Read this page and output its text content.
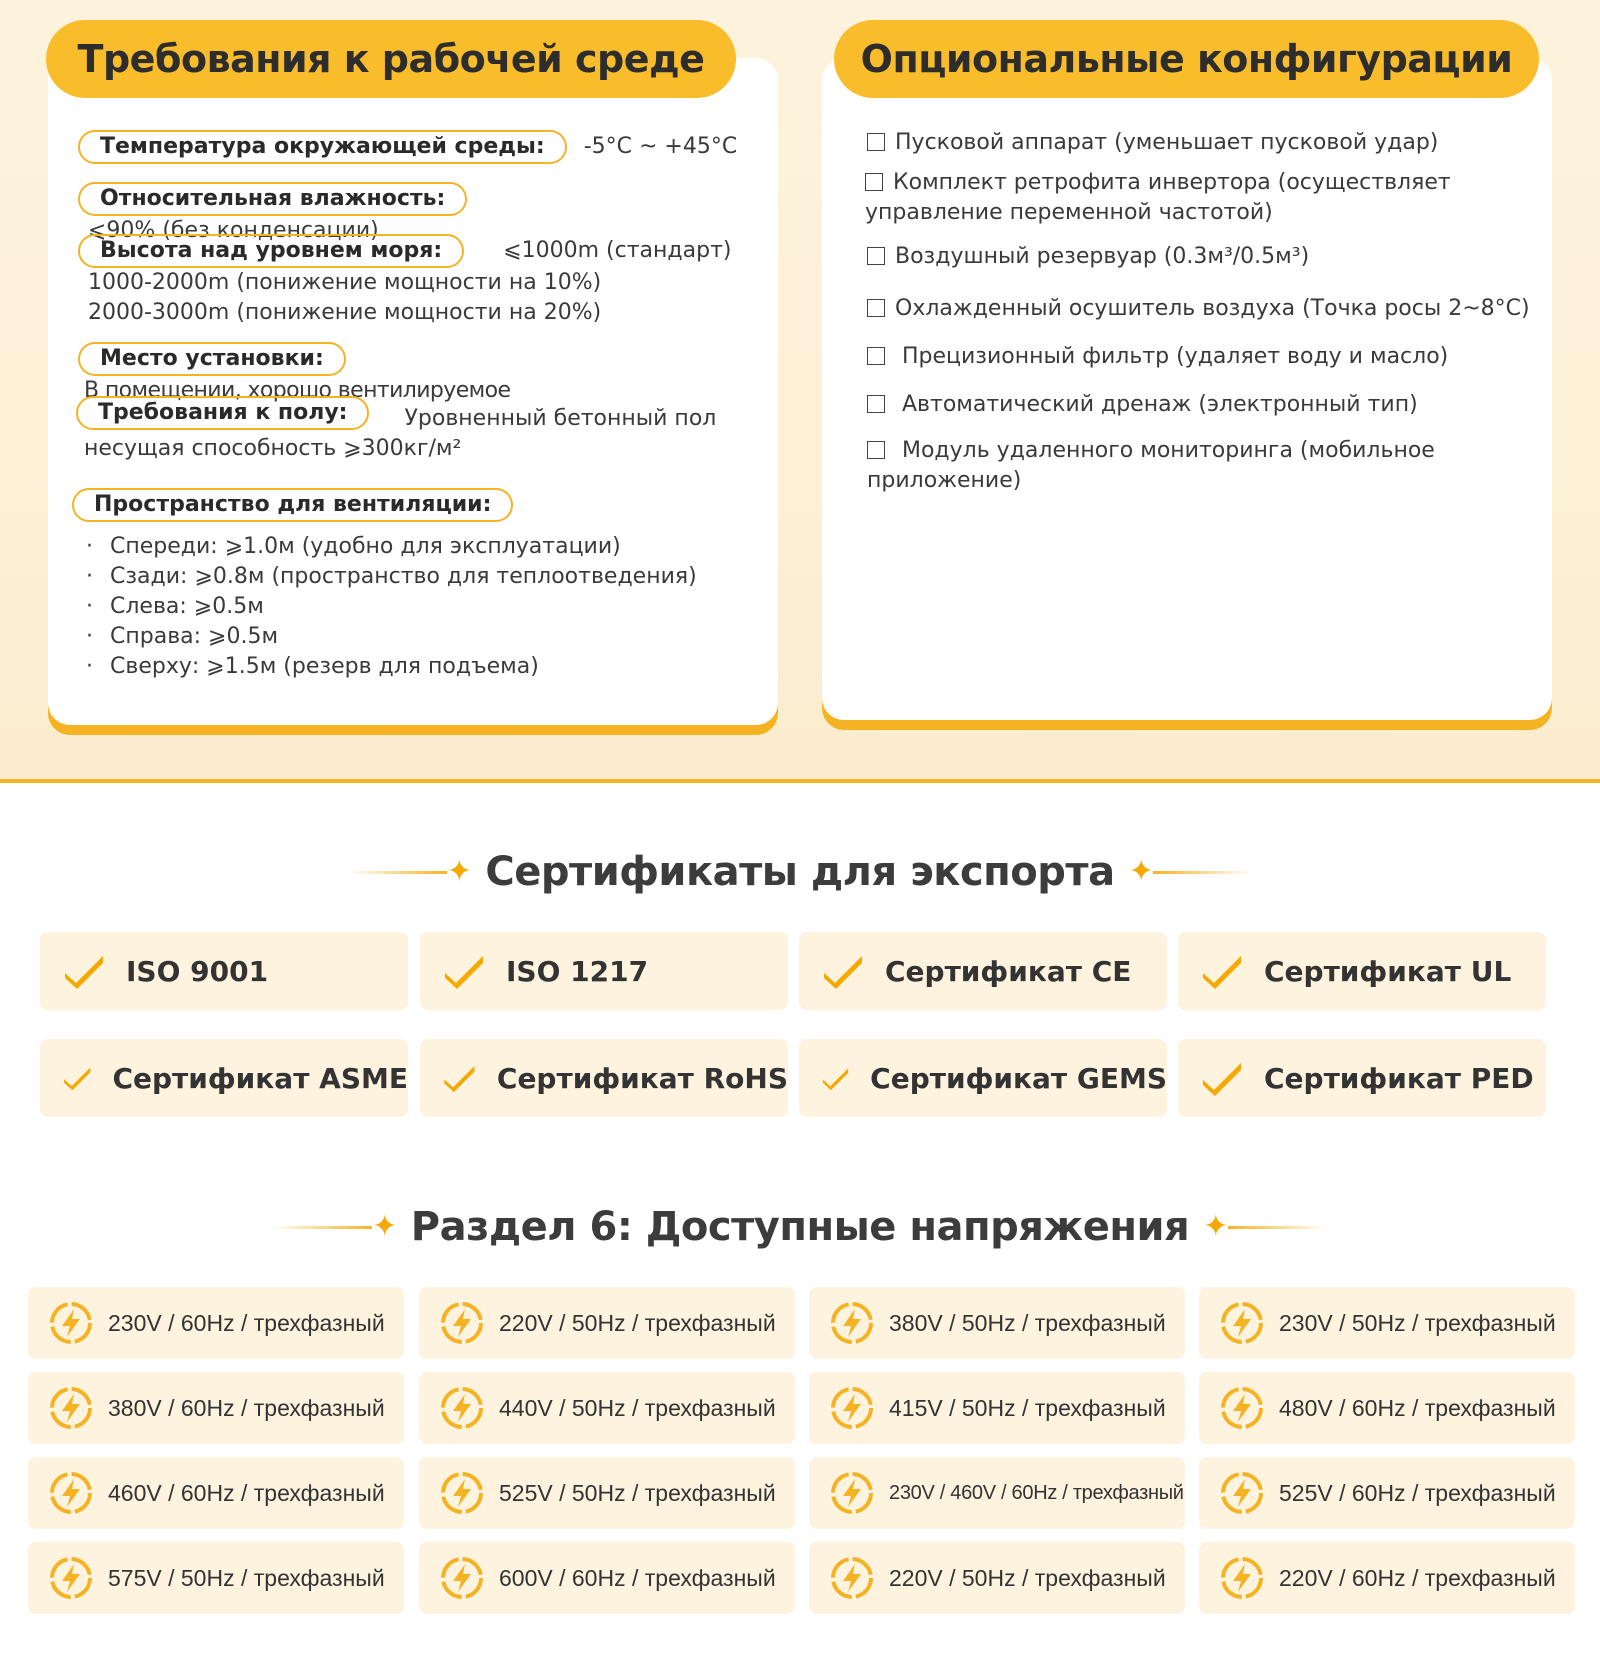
Требования к рабочей среде
Температура окружающей среды: -5°C ~ +45°C
Относительная влажность: ⩽90% (без конденсации)
Высота над уровнем моря:	⩽1000m (стандарт)
1000-2000m (понижение мощности на 10%)
2000-3000m (понижение мощности на 20%)
Место установки: В помещении, хорошо вентилируемое
Требования к полу:	Уровненный бетонный пол
несущая способность ⩾300кг/м²
Пространство для вентиляции:
· Спереди: ⩾1.0м (удобно для эксплуатации)
· Сзади: ⩾0.8м (пространство для теплоотведения)
· Слева: ⩾0.5м
· Справа: ⩾0.5м
· Сверху: ⩾1.5м (резерв для подъема)
Опциональные конфигурации
Пусковой аппарат (уменьшает пусковой удар)
Комплект ретрофита инвертора (осуществляет
управление переменной частотой)
Воздушный резервуар (0.3м³/0.5м³)
Охлажденный осушитель воздуха (Точка росы 2~8°C)
Прецизионный фильтр (удаляет воду и масло)
Автоматический дренаж (электронный тип)
Модуль удаленного мониторинга (мобильное
приложение)
✦ Сертификаты для экспорта ✦
ISO 9001	ISO 1217	Сертификат CE	Сертификат UL
Сертификат ASME	Сертификат RoHS	Сертификат GEMS	Сертификат PED
✦ Раздел 6: Доступные напряжения ✦
230V / 60Hz / трехфазный	220V / 50Hz / трехфазный	380V / 50Hz / трехфазный	230V / 50Hz / трехфазный
380V / 60Hz / трехфазный	440V / 50Hz / трехфазный	415V / 50Hz / трехфазный	480V / 60Hz / трехфазный
460V / 60Hz / трехфазный	525V / 50Hz / трехфазный	230V / 460V / 60Hz / трехфазный	525V / 60Hz / трехфазный
575V / 50Hz / трехфазный	600V / 60Hz / трехфазный	220V / 50Hz / трехфазный	220V / 60Hz / трехфазный
